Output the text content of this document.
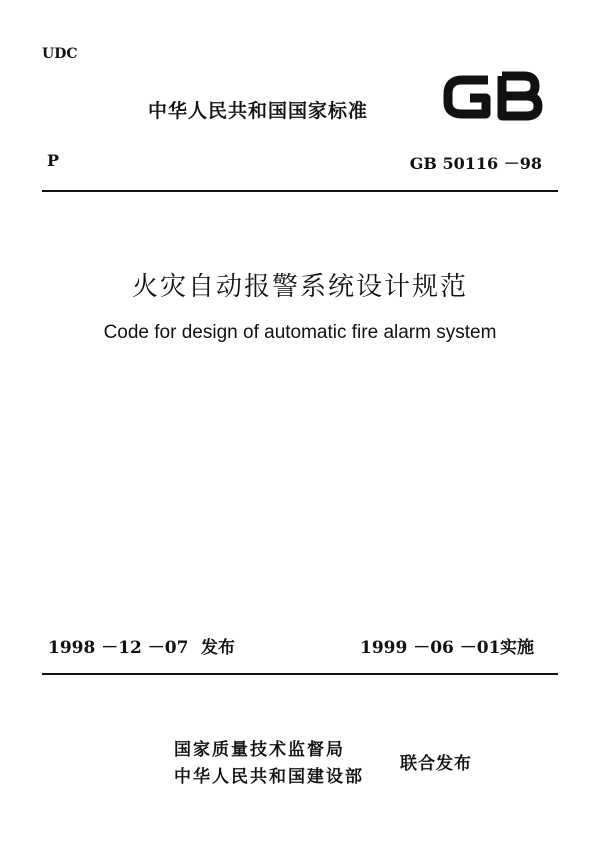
UDC
中华人民共和国国家标准
GB
P	GB 50116 －98
火灾自动报警系统设计规范
Code for design of automatic fire alarm system
1998 －12 －07 发布	1999 －06 －01 实施
国家质量技术监督局
中华人民共和国建设部
联合发布
